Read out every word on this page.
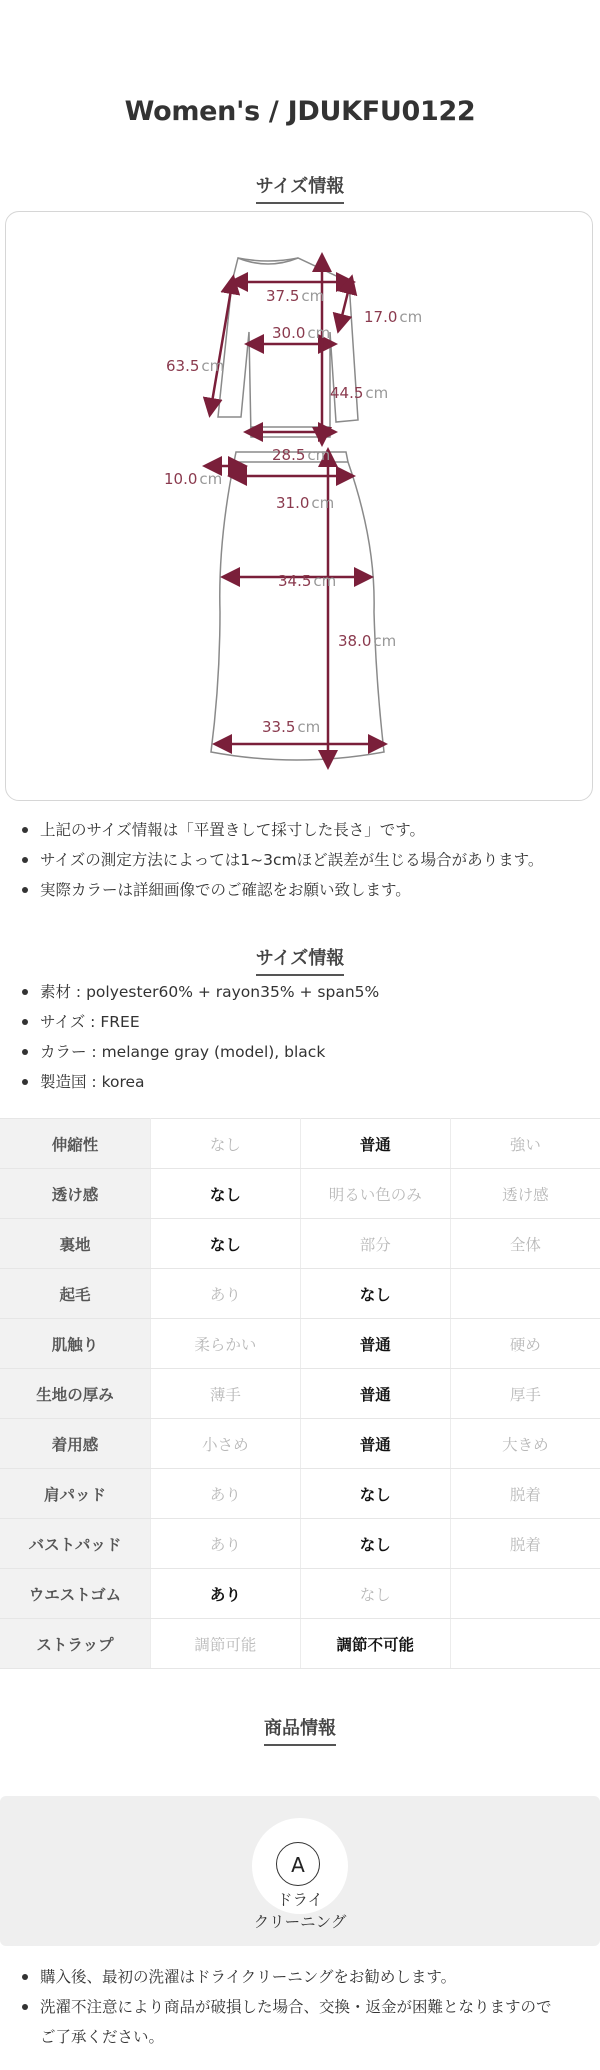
Women's / JDUKFU0122
サイズ情報
37.5 cm
17.0 cm
63.5 cm
30.0 cm
44.5 cm
28.5 cm
10.0 cm
31.0 cm
34.5 cm
38.0 cm
33.5 cm
上記のサイズ情報は「平置きして採寸した長さ」です。
サイズの測定方法によっては1~3cmほど誤差が生じる場合があります。
実際カラーは詳細画像でのご確認をお願い致します。
サイズ情報
素材 : polyester60% + rayon35% + span5%
サイズ : FREE
カラー : melange gray (model), black
製造国 : korea
伸縮性	なし	普通	強い
透け感	なし	明るい色のみ	透け感
裏地	なし	部分	全体
起毛	あり	なし	
肌触り	柔らかい	普通	硬め
生地の厚み	薄手	普通	厚手
着用感	小さめ	普通	大きめ
肩パッド	あり	なし	脱着
バストパッド	あり	なし	脱着
ウエストゴム	あり	なし	
ストラップ	調節可能	調節不可能	
商品情報
A
ドライ
クリーニング
購入後、最初の洗濯はドライクリーニングをお勧めします。
洗濯不注意により商品が破損した場合、交換・返金が困難となりますので
ご了承ください。
